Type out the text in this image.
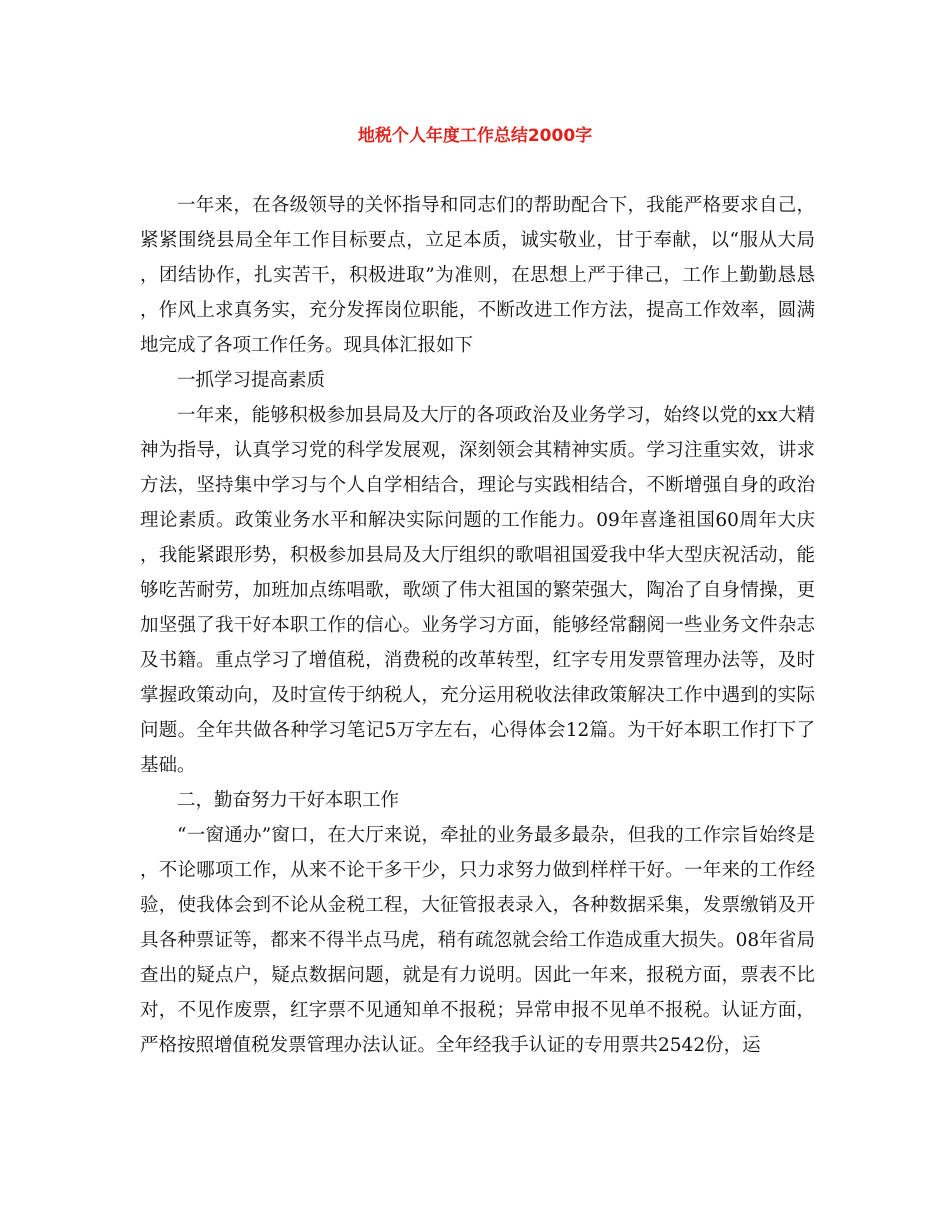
地税个人年度工作总结2000字

一年来，在各级领导的关怀指导和同志们的帮助配合下，我能严格要求自己，紧紧围绕县局全年工作目标要点，立足本质，诚实敬业，甘于奉献，以“服从大局，团结协作，扎实苦干，积极进取”为准则，在思想上严于律己，工作上勤勤恳恳，作风上求真务实，充分发挥岗位职能，不断改进工作方法，提高工作效率，圆满地完成了各项工作任务。现具体汇报如下

一抓学习提高素质

一年来，能够积极参加县局及大厅的各项政治及业务学习，始终以党的xx大精神为指导，认真学习党的科学发展观，深刻领会其精神实质。学习注重实效，讲求方法，坚持集中学习与个人自学相结合，理论与实践相结合，不断增强自身的政治理论素质。政策业务水平和解决实际问题的工作能力。09年喜逢祖国60周年大庆，我能紧跟形势，积极参加县局及大厅组织的歌唱祖国爱我中华大型庆祝活动，能够吃苦耐劳，加班加点练唱歌，歌颂了伟大祖国的繁荣强大，陶冶了自身情操，更加坚强了我干好本职工作的信心。业务学习方面，能够经常翻阅一些业务文件杂志及书籍。重点学习了增值税，消费税的改革转型，红字专用发票管理办法等，及时掌握政策动向，及时宣传于纳税人，充分运用税收法律政策解决工作中遇到的实际问题。全年共做各种学习笔记5万字左右，心得体会12篇。为干好本职工作打下了基础。

二，勤奋努力干好本职工作

“一窗通办”窗口，在大厅来说，牵扯的业务最多最杂，但我的工作宗旨始终是，不论哪项工作，从来不论干多干少，只力求努力做到样样干好。一年来的工作经验，使我体会到不论从金税工程，大征管报表录入，各种数据采集，发票缴销及开具各种票证等，都来不得半点马虎，稍有疏忽就会给工作造成重大损失。08年省局查出的疑点户，疑点数据问题，就是有力说明。因此一年来，报税方面，票表不比对，不见作废票，红字票不见通知单不报税；异常申报不见单不报税。认证方面，严格按照增值税发票管理办法认证。全年经我手认证的专用票共2542份，运
